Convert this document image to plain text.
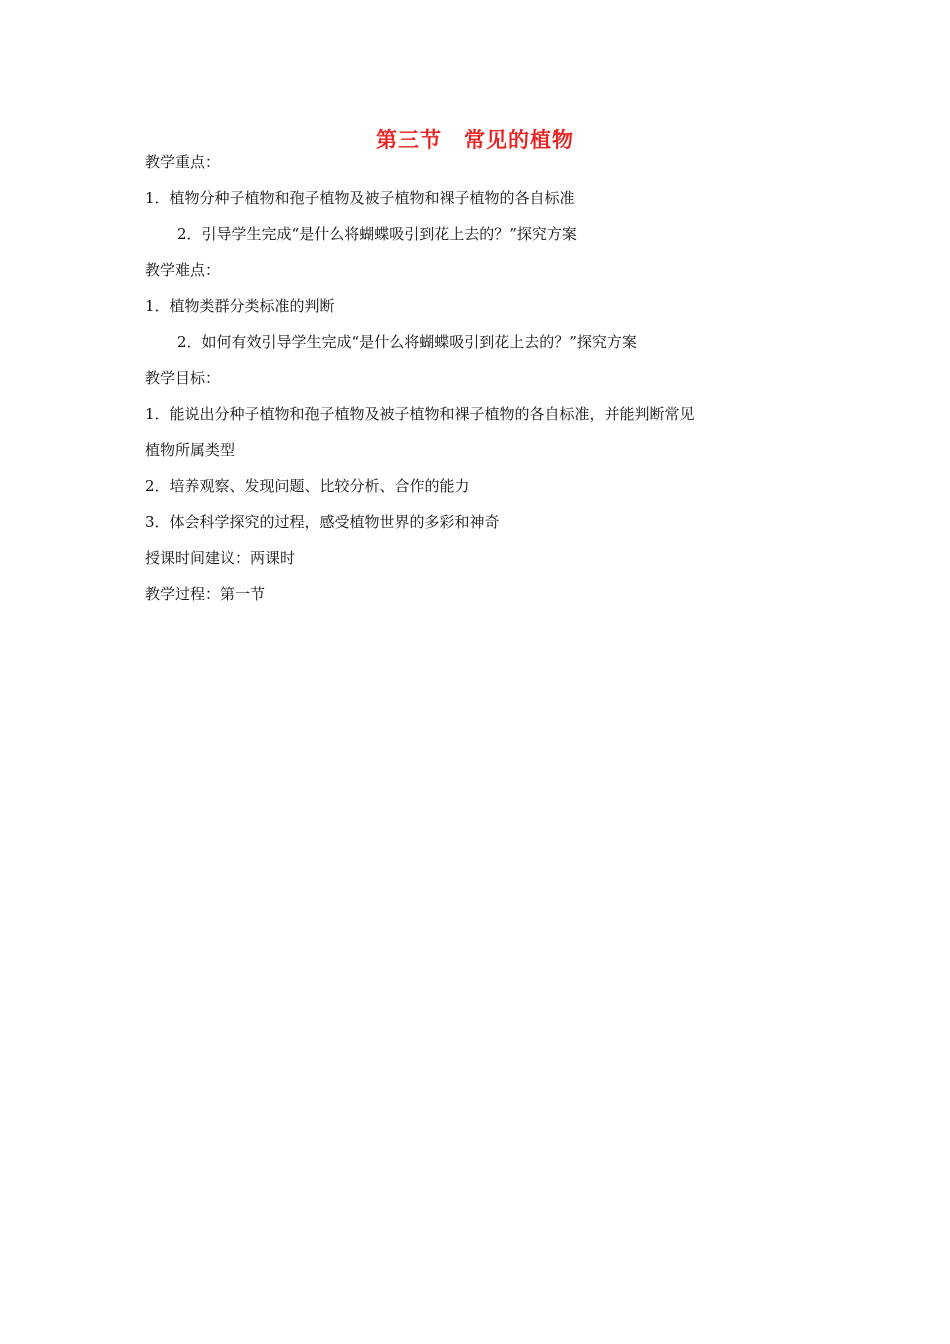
第三节　常见的植物
教学重点：
1．植物分种子植物和孢子植物及被子植物和裸子植物的各自标准
2．引导学生完成“是什么将蝴蝶吸引到花上去的？”探究方案
教学难点：
1．植物类群分类标准的判断
2．如何有效引导学生完成“是什么将蝴蝶吸引到花上去的？”探究方案
教学目标：
1．能说出分种子植物和孢子植物及被子植物和裸子植物的各自标准，并能判断常见
植物所属类型
2．培养观察、发现问题、比较分析、合作的能力
3．体会科学探究的过程，感受植物世界的多彩和神奇
授课时间建议：两课时
教学过程：第一节
